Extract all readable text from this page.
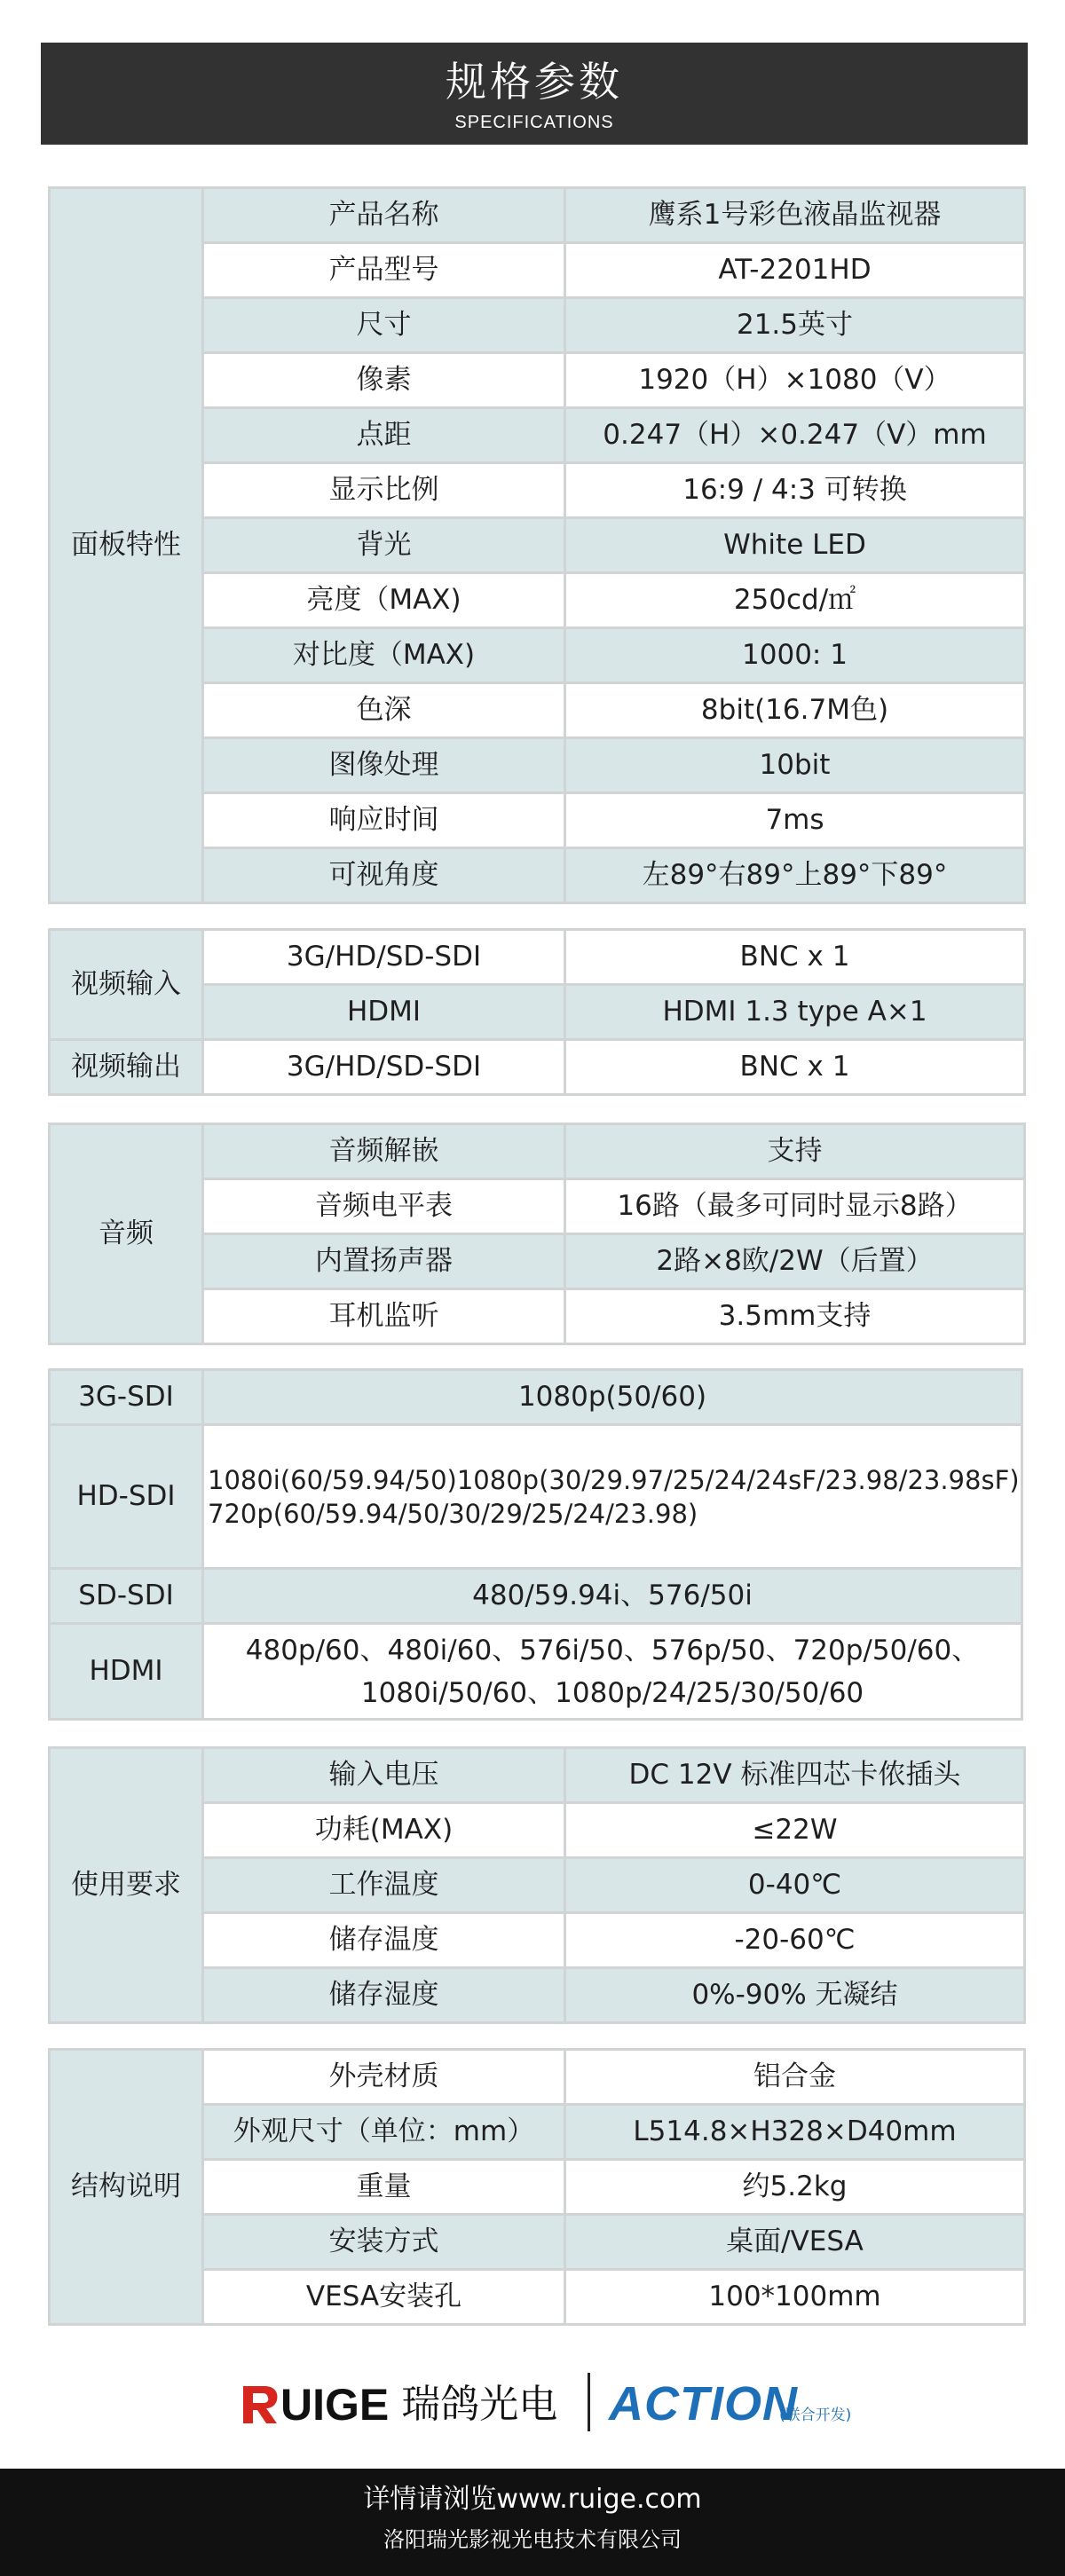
规格参数
SPECIFICATIONS
面板特性	产品名称	鹰系1号彩色液晶监视器
	产品型号	AT-2201HD
	尺寸	21.5英寸
	像素	1920（H）×1080（V）
	点距	0.247（H）×0.247（V）mm
	显示比例	16:9 / 4:3 可转换
	背光	White LED
	亮度（MAX)	250cd/㎡
	对比度（MAX)	1000: 1
	色深	8bit(16.7M色)
	图像处理	10bit
	响应时间	7ms
	可视角度	左89°右89°上89°下89°
视频输入	3G/HD/SD-SDI	BNC x 1
	HDMI	HDMI 1.3 type A×1
视频输出	3G/HD/SD-SDI	BNC x 1
音频	音频解嵌	支持
	音频电平表	16路（最多可同时显示8路）
	内置扬声器	2路×8欧/2W（后置）
	耳机监听	3.5mm支持
3G-SDI	1080p(50/60)
HD-SDI	1080i(60/59.94/50)1080p(30/29.97/25/24/24sF/23.98/23.98sF)
720p(60/59.94/50/30/29/25/24/23.98)

SD-SDI	480/59.94i、576/50i
HDMI	480p/60、480i/60、576i/50、576p/50、720p/50/60、
1080i/50/60、1080p/24/25/30/50/60
使用要求	输入电压	DC 12V 标准四芯卡侬插头
	功耗(MAX)	≤22W
	工作温度	0-40℃
	储存温度	-20-60℃
	储存湿度	0%-90% 无凝结
结构说明	外壳材质	铝合金
	外观尺寸（单位：mm）	L514.8×H328×D40mm
	重量	约5.2kg
	安装方式	桌面/VESA
	VESA安装孔	100*100mm
UIGE 瑞鸽光电 ACTION
(联合开发)
详情请浏览www.ruige.com
洛阳瑞光影视光电技术有限公司
